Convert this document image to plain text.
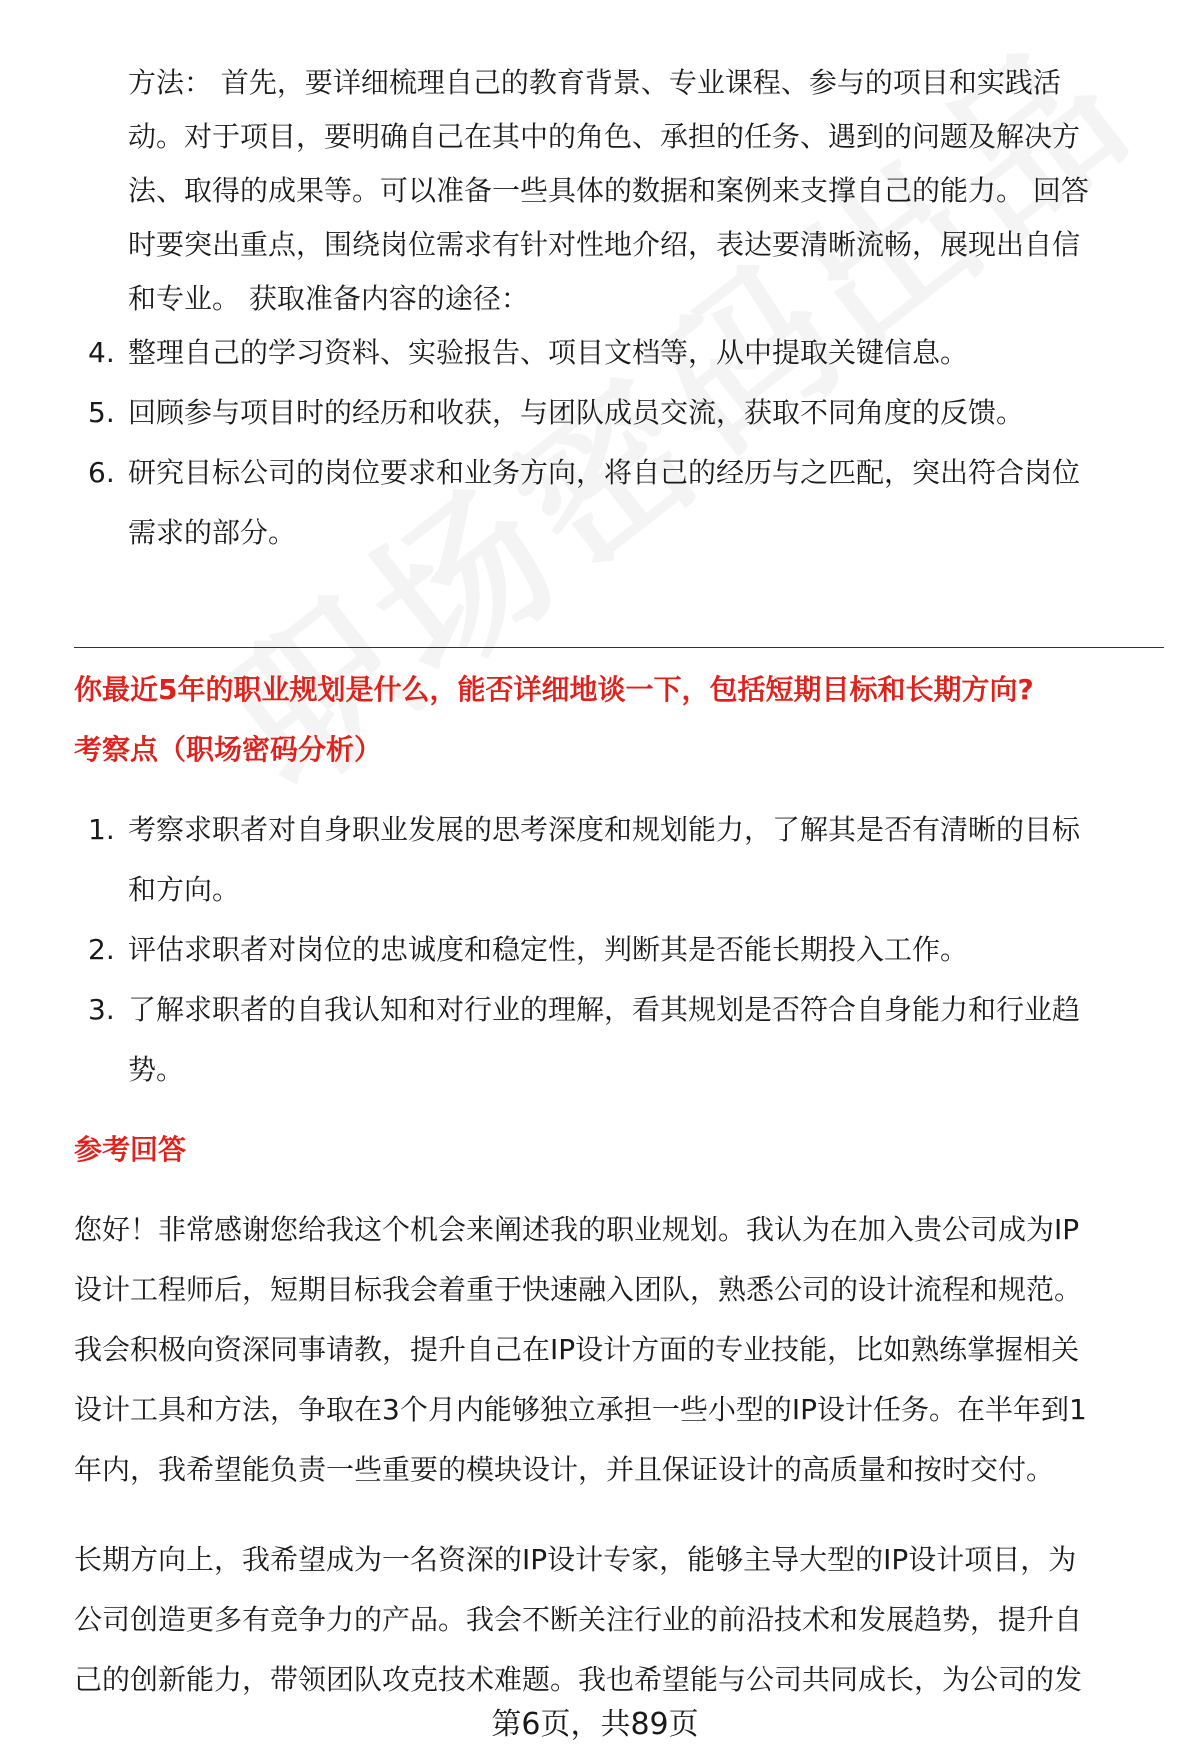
方法： 首先，要详细梳理自己的教育背景、专业课程、参与的项目和实践活
动。对于项目，要明确自己在其中的角色、承担的任务、遇到的问题及解决方
法、取得的成果等。可以准备一些具体的数据和案例来支撑自己的能力。 回答
时要突出重点，围绕岗位需求有针对性地介绍，表达要清晰流畅，展现出自信
和专业。 获取准备内容的途径：
4. 整理自己的学习资料、实验报告、项目文档等，从中提取关键信息。
5. 回顾参与项目时的经历和收获，与团队成员交流，获取不同角度的反馈。
6. 研究目标公司的岗位要求和业务方向，将自己的经历与之匹配，突出符合岗位
需求的部分。
你最近5年的职业规划是什么，能否详细地谈一下，包括短期目标和长期方向?
考察点（职场密码分析）
1. 考察求职者对自身职业发展的思考深度和规划能力，了解其是否有清晰的目标
和方向。
2. 评估求职者对岗位的忠诚度和稳定性，判断其是否能长期投入工作。
3. 了解求职者的自我认知和对行业的理解，看其规划是否符合自身能力和行业趋
势。
参考回答
您好！非常感谢您给我这个机会来阐述我的职业规划。我认为在加入贵公司成为IP
设计工程师后，短期目标我会着重于快速融入团队，熟悉公司的设计流程和规范。
我会积极向资深同事请教，提升自己在IP设计方面的专业技能，比如熟练掌握相关
设计工具和方法，争取在3个月内能够独立承担一些小型的IP设计任务。在半年到1
年内，我希望能负责一些重要的模块设计，并且保证设计的高质量和按时交付。
长期方向上，我希望成为一名资深的IP设计专家，能够主导大型的IP设计项目，为
公司创造更多有竞争力的产品。我会不断关注行业的前沿技术和发展趋势，提升自
己的创新能力，带领团队攻克技术难题。我也希望能与公司共同成长，为公司的发
第6页，共89页
